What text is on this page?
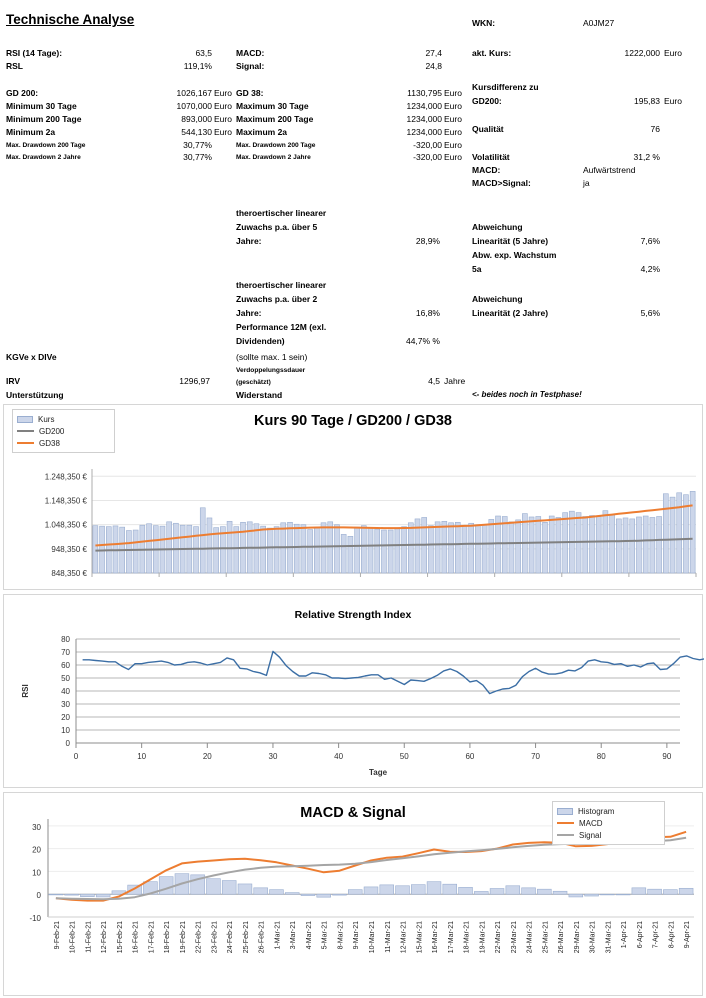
Technische Analyse	WKN:	A0JM27
RSI (14 Tage):	63,5
RSL	119,1%
GD 200:	1026,167 Euro
Minimum 30 Tage	1070,000 Euro
Minimum 200 Tage	893,000 Euro
Minimum 2a	544,130 Euro
Max. Drawdown 200 Tage	30,77%
Max. Drawdown 2 Jahre	30,77%
MACD:	27,4
Signal:	24,8
GD 38:	1130,795 Euro
Maximum 30 Tage	1234,000 Euro
Maximum 200 Tage	1234,000 Euro
Maximum 2a	1234,000 Euro
Max. Drawdown 200 Tage	-320,00 Euro
Max. Drawdown 2 Jahre	-320,00 Euro
akt. Kurs:	1222,000 Euro
Kursdifferenz zu
GD200:	195,83 Euro
Qualität	76
Volatilität	31,2 %
MACD:	Aufwärtstrend
MACD>Signal:	ja
theroertischer linearer
Zuwachs p.a. über 5
Jahre:	28,9%
Abweichung
Linearität (5 Jahre)	7,6%
Abw. exp. Wachstum
5a	4,2%
theroertischer linearer
Zuwachs p.a. über 2
Jahre:	16,8%
Abweichung
Linearität (2 Jahre)	5,6%
Performance 12M (exl.
Dividenden)	44,7% %
(sollte max. 1 sein)
KGVe x DIVe
Verdoppelungssdauer
(geschätzt)	4,5 Jahre
IRV	1296,97
Unterstützung	Widerstand	<- beides noch in Testphase!
Kurs 90 Tage / GD200 / GD38
848,350 €
948,350 €
1.048,350 €
1.148,350 €
1.248,350 €
Kurs
GD200
GD38
Relative Strength Index
0
10
20
30
40
50
60
70
80
0	10	20	30	40	50	60	70	80	90
RSI
Tage
MACD & Signal
-10
0
10
20
30
9-Feb-21 10-Feb-21 11-Feb-21 12-Feb-21 15-Feb-21 16-Feb-21 17-Feb-21 18-Feb-21 19-Feb-21 22-Feb-21 23-Feb-21 24-Feb-21 25-Feb-21 26-Feb-21 1-Mar-21 3-Mar-21 4-Mar-21 5-Mar-21 8-Mar-21 9-Mar-21 10-Mar-21 11-Mar-21 12-Mar-21 15-Mar-21 16-Mar-21 17-Mar-21 18-Mar-21 19-Mar-21 22-Mar-21 23-Mar-21 24-Mar-21 25-Mar-21 26-Mar-21 29-Mar-21 30-Mar-21 31-Mar-21 1-Apr-21 6-Apr-21 7-Apr-21 8-Apr-21 9-Apr-21
Histogram
MACD
Signal
